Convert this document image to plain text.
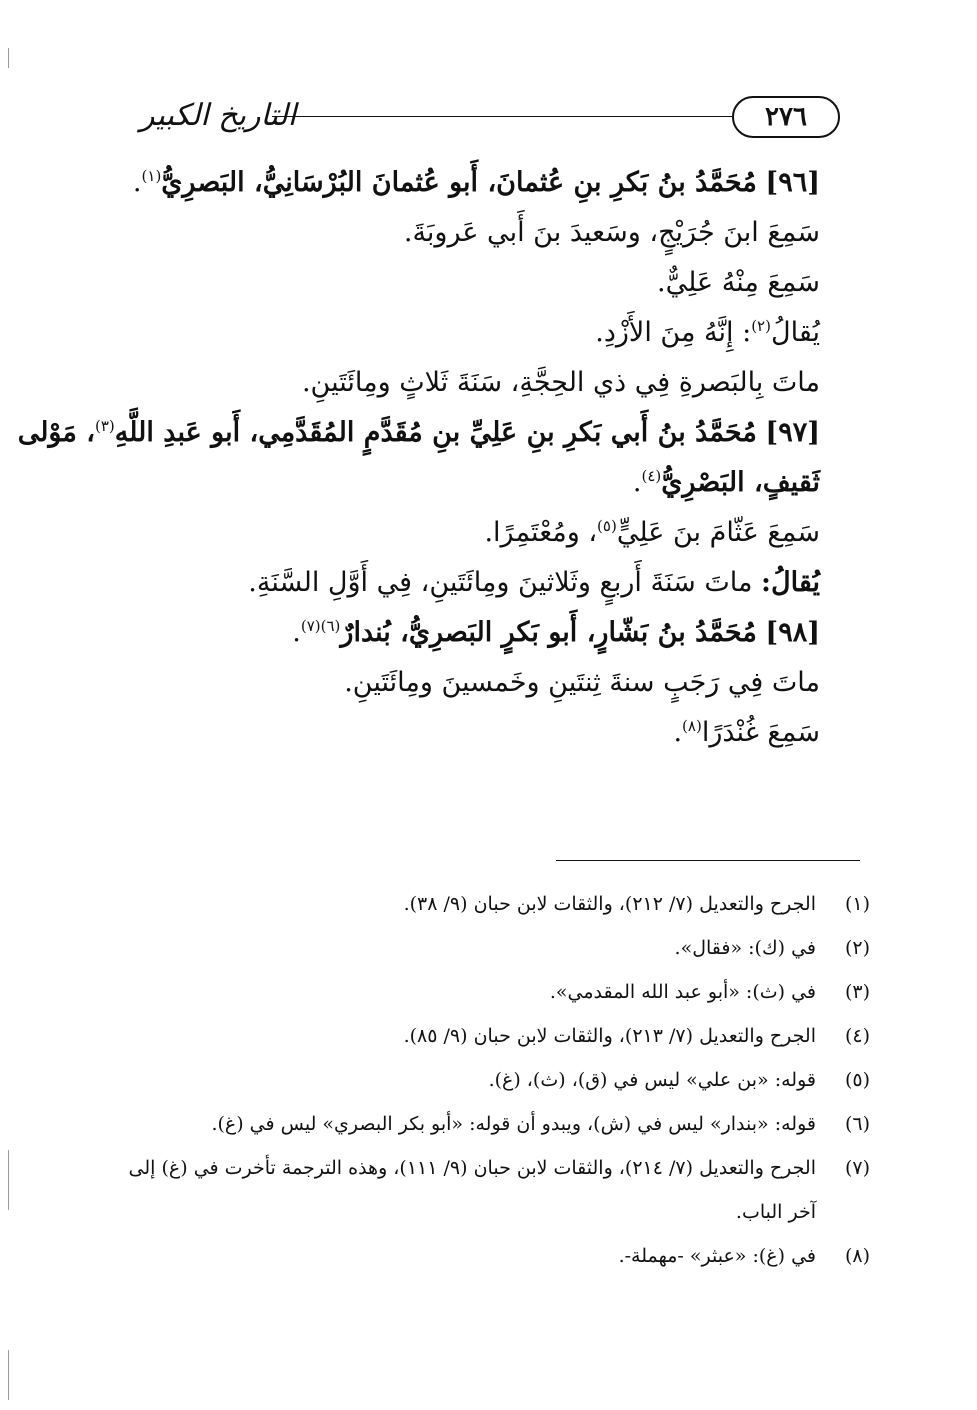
التاريخ الكبير	٢٧٦
[٩٦] مُحَمَّدُ بنُ بَكرِ بنِ عُثمانَ، أَبو عُثمانَ البُرْسَانِيُّ، البَصرِيُّ$^{(١)}$.
سَمِعَ ابنَ جُرَيْجٍ، وسَعيدَ بنَ أَبي عَروبَةَ.
سَمِعَ مِنْهُ عَلِيٌّ.
يُقالُ$^{(٢)}$: إِنَّهُ مِنَ الأَزْدِ.
ماتَ بِالبَصرةِ فِي ذي الحِجَّةِ، سَنَةَ ثَلاثٍ ومِائَتَينِ.
[٩٧] مُحَمَّدُ بنُ أَبي بَكرِ بنِ عَلِيِّ بنِ مُقَدَّمٍ المُقَدَّمِي، أَبو عَبدِ اللَّهِ$^{(٣)}$، مَوْلى
ثَقيفٍ، البَصْرِيُّ$^{(٤)}$.
سَمِعَ عَثّامَ بنَ عَلِيٍّ$^{(٥)}$، ومُعْتَمِرًا.
يُقالُ: ماتَ سَنَةَ أَربعٍ وثَلاثينَ ومِائَتَينِ، فِي أَوَّلِ السَّنَةِ.
[٩٨] مُحَمَّدُ بنُ بَشّارٍ، أَبو بَكرٍ البَصرِيُّ، بُندارٌ$^{(٦)(٧)}$.
ماتَ فِي رَجَبٍ سنةَ ثِنتَينِ وخَمسينَ ومِائَتَينِ.
سَمِعَ غُنْدَرًا$^{(٨)}$.
(١)
الجرح والتعديل (٧/ ٢١٢)، والثقات لابن حبان (٩/ ٣٨).
(٢)
في (ك): «فقال».
(٣)
في (ث): «أبو عبد الله المقدمي».
(٤)
الجرح والتعديل (٧/ ٢١٣)، والثقات لابن حبان (٩/ ٨٥).
(٥)
قوله: «بن علي» ليس في (ق)، (ث)، (غ).
(٦)
قوله: «بندار» ليس في (ش)، ويبدو أن قوله: «أبو بكر البصري» ليس في (غ).
(٧)
الجرح والتعديل (٧/ ٢١٤)، والثقات لابن حبان (٩/ ١١١)، وهذه الترجمة تأخرت في (غ) إلى آخر الباب.
(٨)
في (غ): «عبثر» -مهملة-.
